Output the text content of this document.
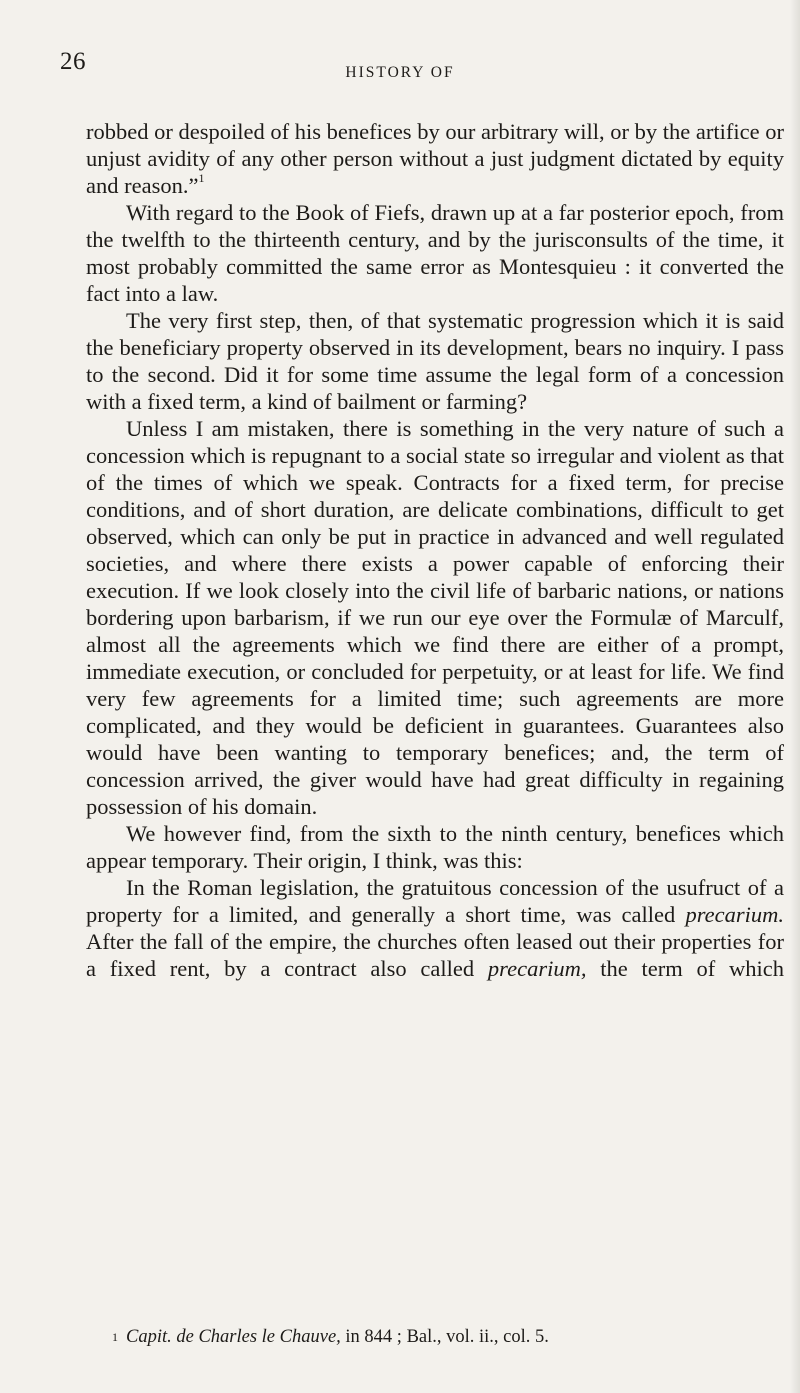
26	HISTORY OF

robbed or despoiled of his benefices by our arbitrary will, or by the artifice or unjust avidity of any other person without a just judgment dictated by equity and reason.”$^1$

With regard to the Book of Fiefs, drawn up at a far posterior epoch, from the twelfth to the thirteenth century, and by the jurisconsults of the time, it most probably committed the same error as Montesquieu : it converted the fact into a law.

The very first step, then, of that systematic progression which it is said the beneficiary property observed in its development, bears no inquiry. I pass to the second. Did it for some time assume the legal form of a concession with a fixed term, a kind of bailment or farming?

Unless I am mistaken, there is something in the very nature of such a concession which is repugnant to a social state so irregular and violent as that of the times of which we speak. Contracts for a fixed term, for precise conditions, and of short duration, are delicate combinations, difficult to get observed, which can only be put in practice in advanced and well regulated societies, and where there exists a power capable of enforcing their execution. If we look closely into the civil life of barbaric nations, or nations bordering upon barbarism, if we run our eye over the Formulæ of Marculf, almost all the agreements which we find there are either of a prompt, immediate execution, or concluded for perpetuity, or at least for life. We find very few agreements for a limited time; such agreements are more complicated, and they would be deficient in guarantees. Guarantees also would have been wanting to temporary benefices; and, the term of concession arrived, the giver would have had great difficulty in regaining possession of his domain.

We however find, from the sixth to the ninth century, benefices which appear temporary. Their origin, I think, was this:

In the Roman legislation, the gratuitous concession of the usufruct of a property for a limited, and generally a short time, was called precarium. After the fall of the empire, the churches often leased out their properties for a fixed rent, by a contract also called precarium, the term of which

$^1$ Capit. de Charles le Chauve, in 844 ; Bal., vol. ii., col. 5.
